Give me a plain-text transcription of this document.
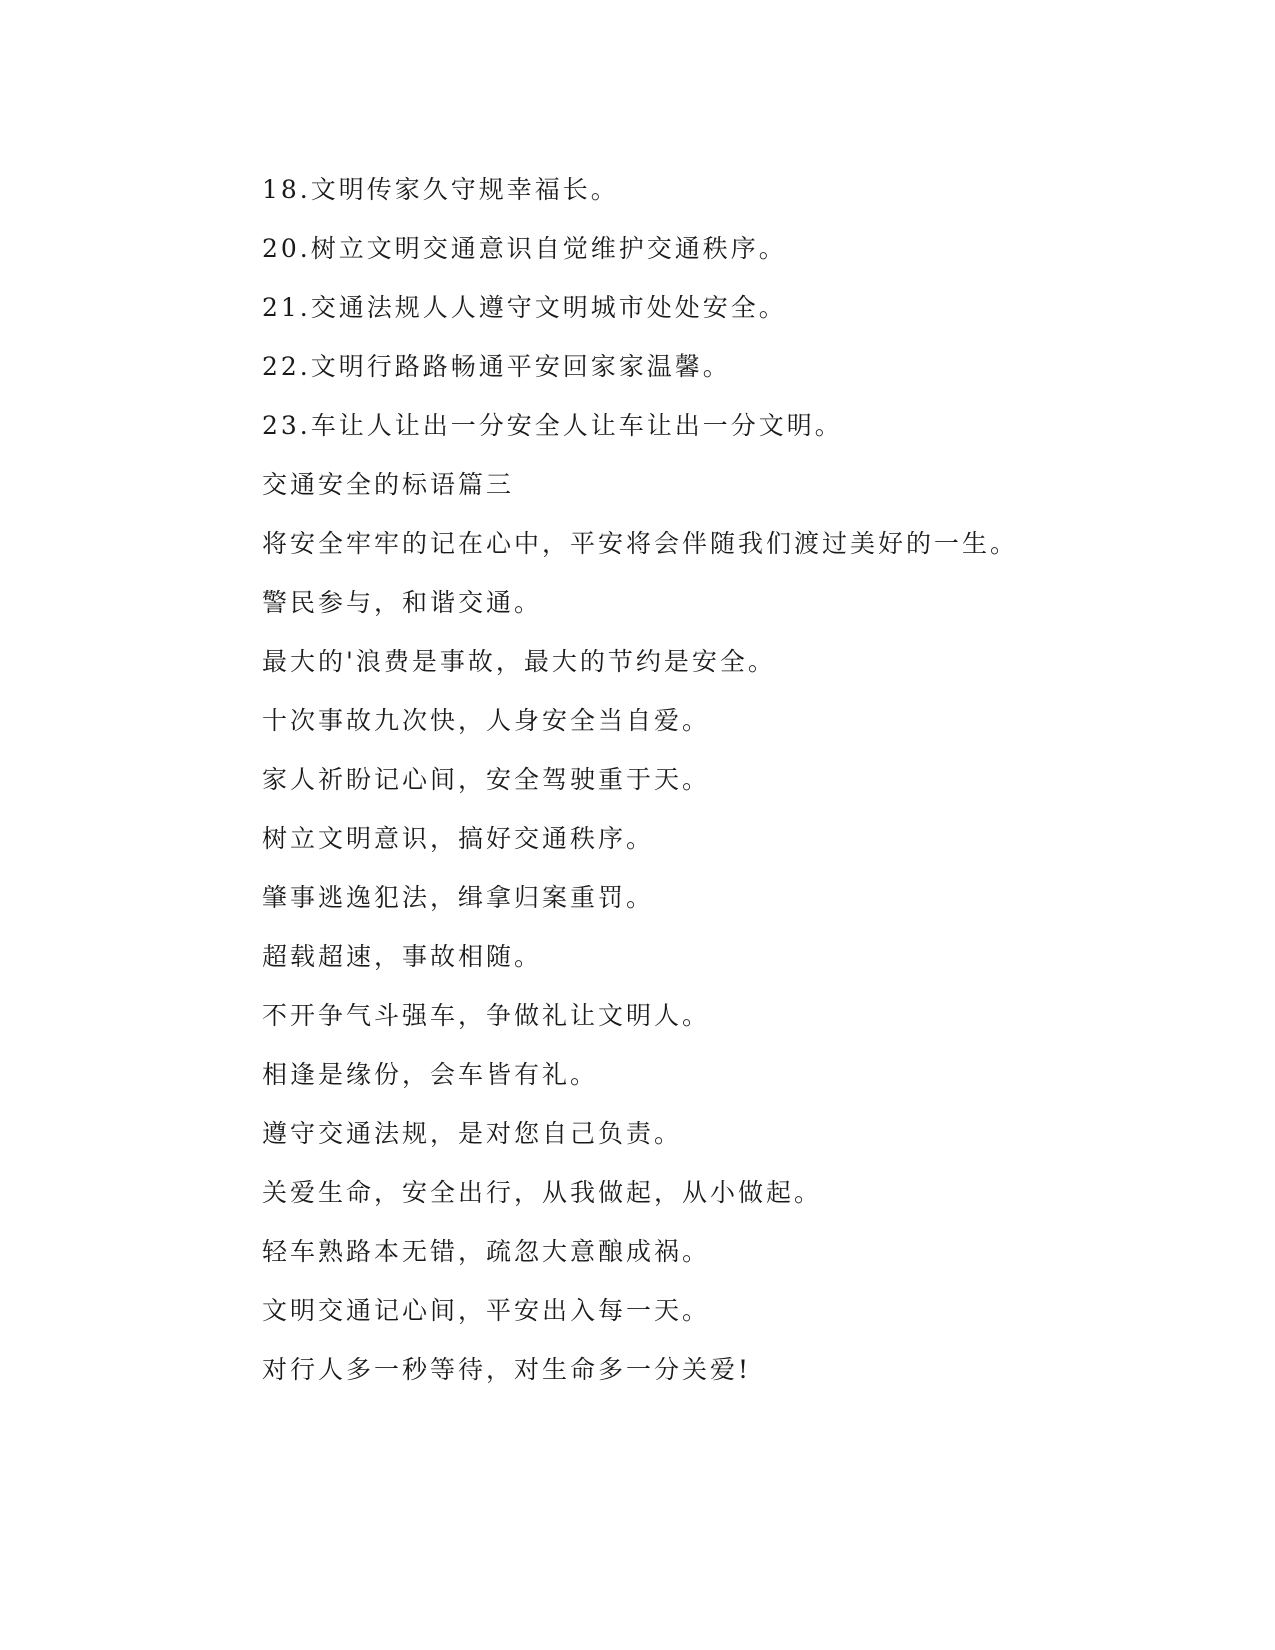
18.文明传家久守规幸福长。
20.树立文明交通意识自觉维护交通秩序。
21.交通法规人人遵守文明城市处处安全。
22.文明行路路畅通平安回家家温馨。
23.车让人让出一分安全人让车让出一分文明。
交通安全的标语篇三
将安全牢牢的记在心中，平安将会伴随我们渡过美好的一生。
警民参与，和谐交通。
最大的'浪费是事故，最大的节约是安全。
十次事故九次快，人身安全当自爱。
家人祈盼记心间，安全驾驶重于天。
树立文明意识，搞好交通秩序。
肇事逃逸犯法，缉拿归案重罚。
超载超速，事故相随。
不开争气斗强车，争做礼让文明人。
相逢是缘份，会车皆有礼。
遵守交通法规，是对您自己负责。
关爱生命，安全出行，从我做起，从小做起。
轻车熟路本无错，疏忽大意酿成祸。
文明交通记心间，平安出入每一天。
对行人多一秒等待，对生命多一分关爱!
